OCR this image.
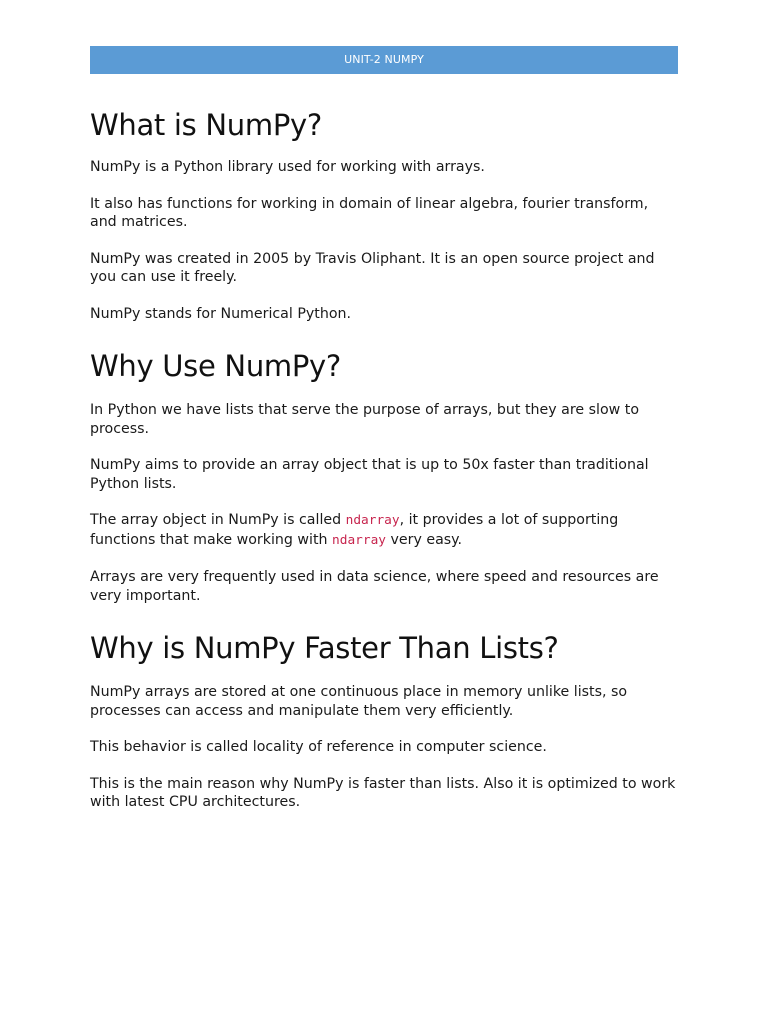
UNIT-2 NUMPY
What is NumPy?

NumPy is a Python library used for working with arrays.

It also has functions for working in domain of linear algebra, fourier transform, and matrices.

NumPy was created in 2005 by Travis Oliphant. It is an open source project and you can use it freely.

NumPy stands for Numerical Python.

Why Use NumPy?

In Python we have lists that serve the purpose of arrays, but they are slow to process.

NumPy aims to provide an array object that is up to 50x faster than traditional Python lists.

The array object in NumPy is called ndarray, it provides a lot of supporting functions that make working with ndarray very easy.

Arrays are very frequently used in data science, where speed and resources are very important.

Why is NumPy Faster Than Lists?

NumPy arrays are stored at one continuous place in memory unlike lists, so processes can access and manipulate them very efficiently.

This behavior is called locality of reference in computer science.

This is the main reason why NumPy is faster than lists. Also it is optimized to work with latest CPU architectures.
